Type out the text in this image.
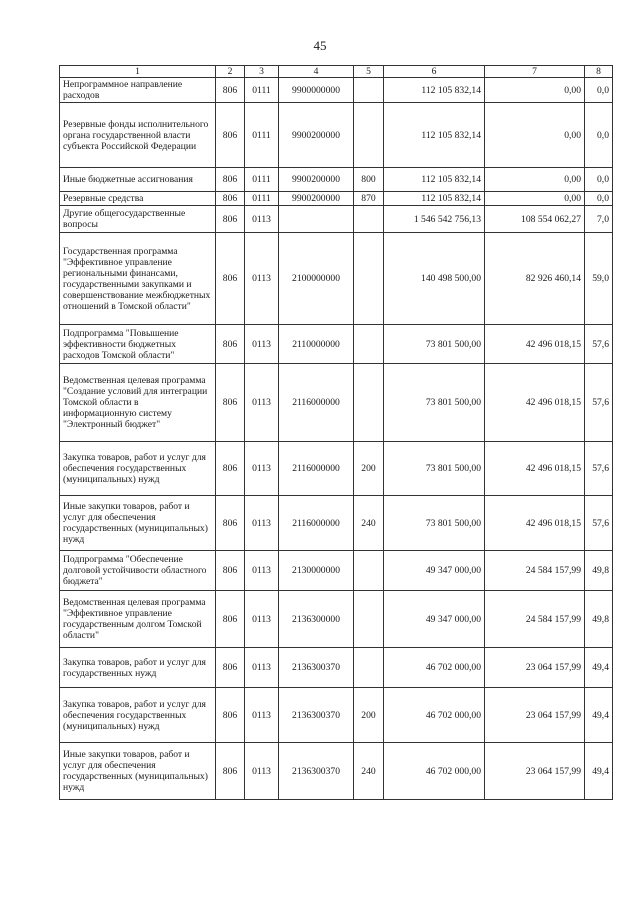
45
1	2	3	4	5	6	7	8
Непрограммное направление расходов	806	0111	9900000000		112 105 832,14	0,00	0,0
Резервные фонды исполнительного органа государственной власти субъекта Российской Федерации	806	0111	9900200000		112 105 832,14	0,00	0,0
Иные бюджетные ассигнования	806	0111	9900200000	800	112 105 832,14	0,00	0,0
Резервные средства	806	0111	9900200000	870	112 105 832,14	0,00	0,0
Другие общегосударственные вопросы	806	0113			1 546 542 756,13	108 554 062,27	7,0
Государственная программа "Эффективное управление региональными финансами, государственными закупками и совершенствование межбюджетных отношений в Томской области"	806	0113	2100000000		140 498 500,00	82 926 460,14	59,0
Подпрограмма "Повышение эффективности бюджетных расходов Томской области"	806	0113	2110000000		73 801 500,00	42 496 018,15	57,6
Ведомственная целевая программа "Создание условий для интеграции Томской области в информационную систему "Электронный бюджет"	806	0113	2116000000		73 801 500,00	42 496 018,15	57,6
Закупка товаров, работ и услуг для обеспечения государственных (муниципальных) нужд	806	0113	2116000000	200	73 801 500,00	42 496 018,15	57,6
Иные закупки товаров, работ и услуг для обеспечения государственных (муниципальных) нужд	806	0113	2116000000	240	73 801 500,00	42 496 018,15	57,6
Подпрограмма "Обеспечение долговой устойчивости областного бюджета"	806	0113	2130000000		49 347 000,00	24 584 157,99	49,8
Ведомственная целевая программа "Эффективное управление государственным долгом Томской области"	806	0113	2136300000		49 347 000,00	24 584 157,99	49,8
Закупка товаров, работ и услуг для государственных нужд	806	0113	2136300370		46 702 000,00	23 064 157,99	49,4
Закупка товаров, работ и услуг для обеспечения государственных (муниципальных) нужд	806	0113	2136300370	200	46 702 000,00	23 064 157,99	49,4
Иные закупки товаров, работ и услуг для обеспечения государственных (муниципальных) нужд	806	0113	2136300370	240	46 702 000,00	23 064 157,99	49,4
